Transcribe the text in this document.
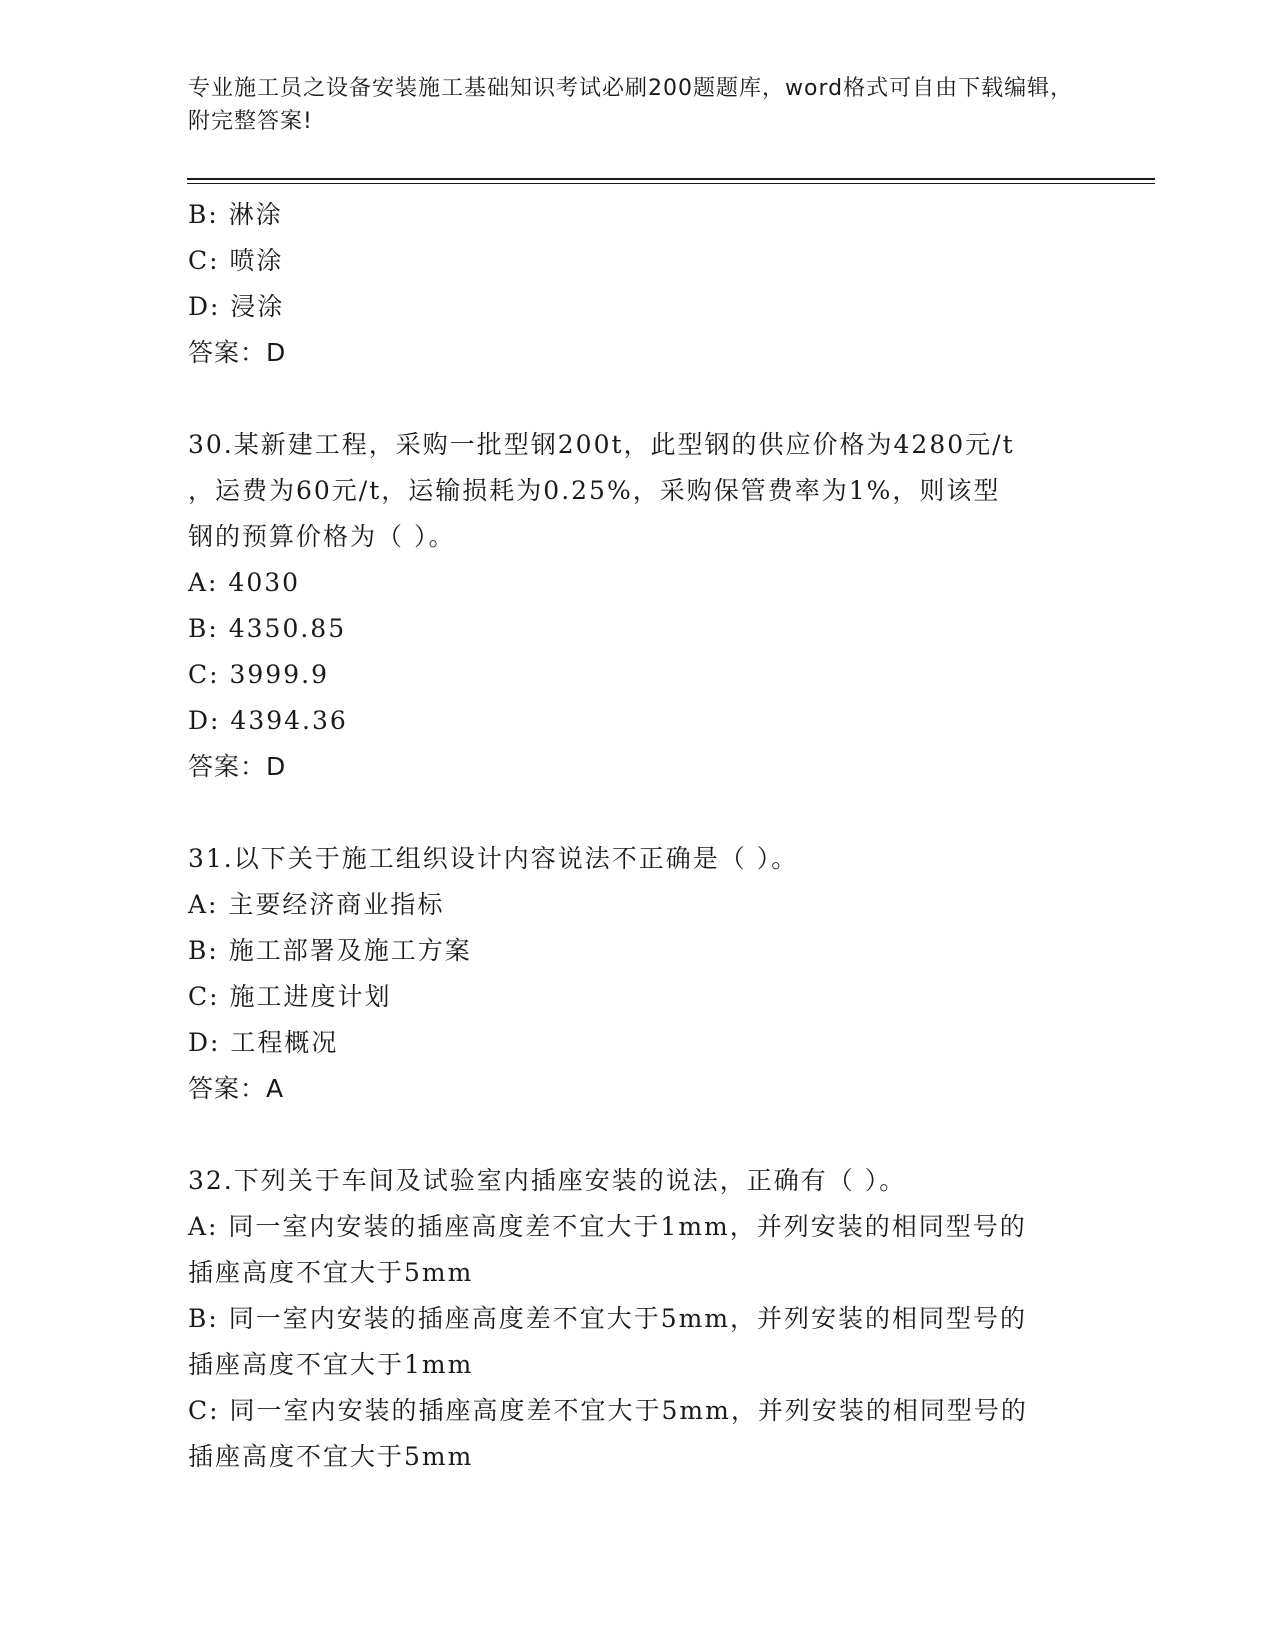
专业施工员之设备安装施工基础知识考试必刷200题题库，word格式可自由下载编辑，附完整答案!
B: 淋涂
C: 喷涂
D: 浸涂
答案：D
30.某新建工程，采购一批型钢200t，此型钢的供应价格为4280元/t
，运费为60元/t，运输损耗为0.25%，采购保管费率为1%，则该型
钢的预算价格为（ ）。
A: 4030
B: 4350.85
C: 3999.9
D: 4394.36
答案：D
31.以下关于施工组织设计内容说法不正确是（ ）。
A: 主要经济商业指标
B: 施工部署及施工方案
C: 施工进度计划
D: 工程概况
答案：A
32.下列关于车间及试验室内插座安装的说法，正确有（ ）。
A: 同一室内安装的插座高度差不宜大于1mm，并列安装的相同型号的
插座高度不宜大于5mm
B: 同一室内安装的插座高度差不宜大于5mm，并列安装的相同型号的
插座高度不宜大于1mm
C: 同一室内安装的插座高度差不宜大于5mm，并列安装的相同型号的
插座高度不宜大于5mm
